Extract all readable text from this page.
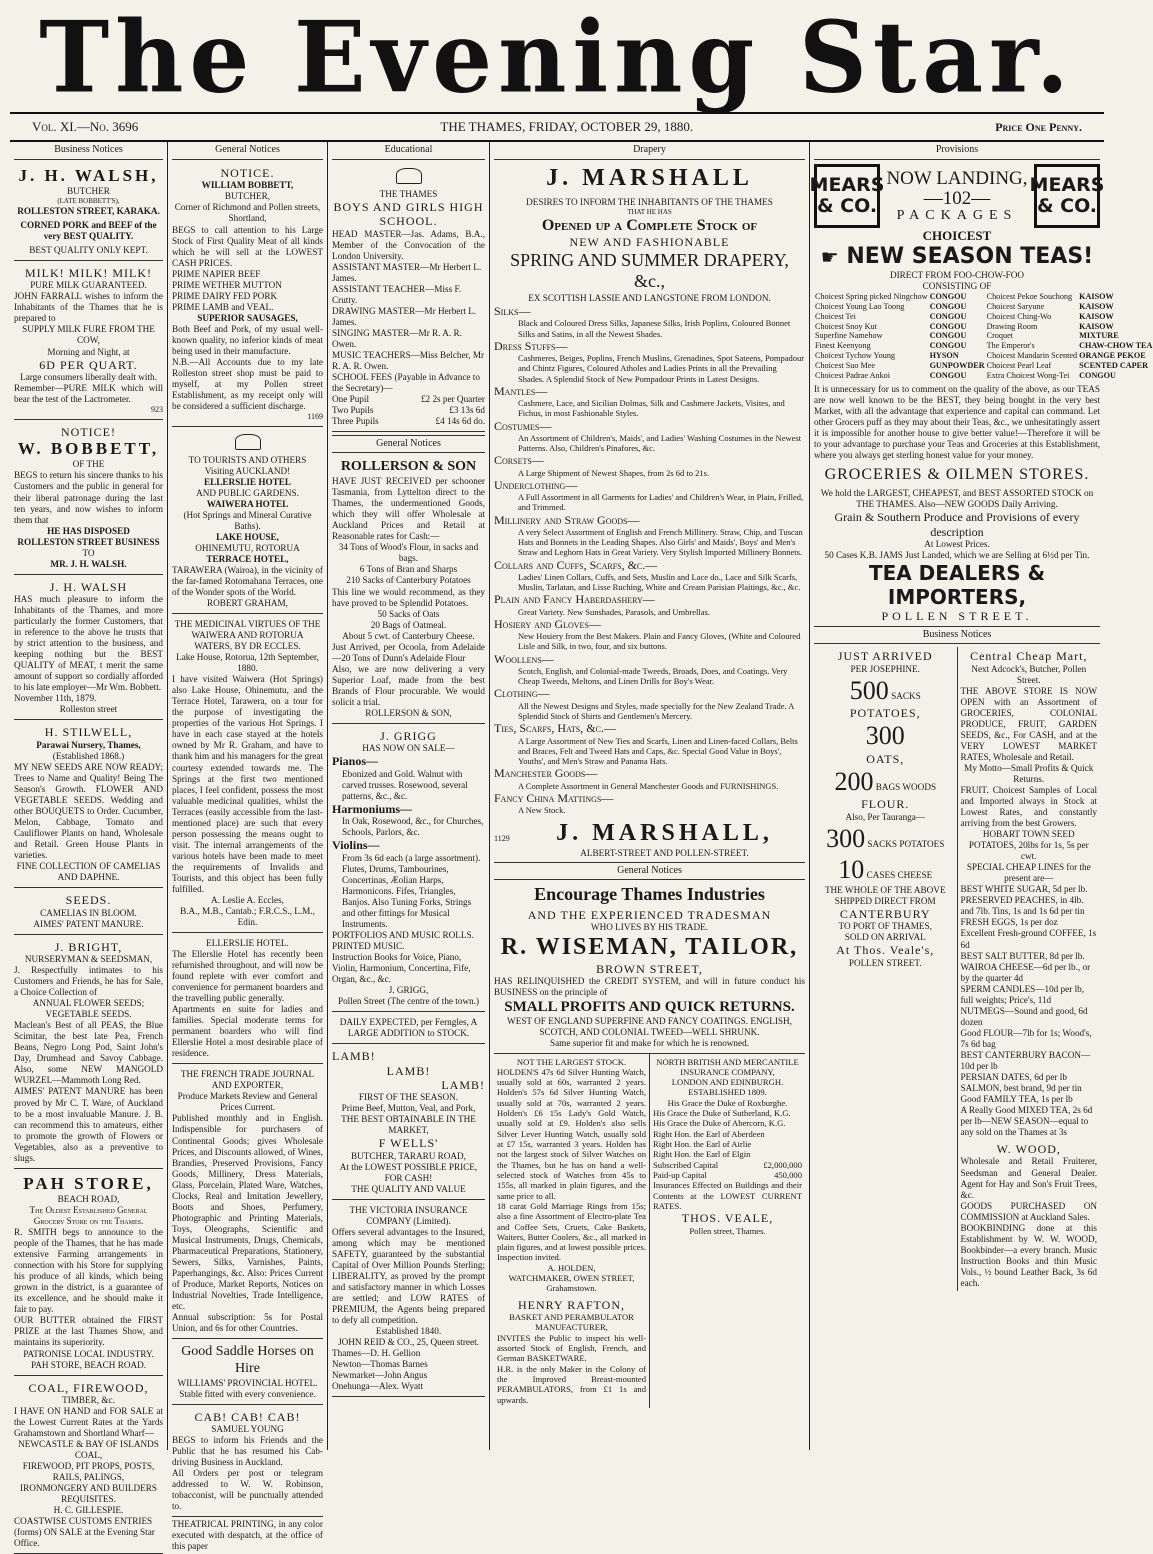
The Evening Star.
Vol. XI.—No. 3696	THE THAMES, FRIDAY, OCTOBER 29, 1880.	Price One Penny.
Business Notices
J. H. WALSH,
BUTCHER
(LATE BOBBETT'S),
ROLLESTON STREET, KARAKA.
CORNED PORK and BEEF of the very BEST QUALITY.
BEST QUALITY ONLY KEPT.
MILK! MILK! MILK!
PURE MILK GUARANTEED.
JOHN FARRALL wishes to inform the Inhabitants of the Thames that he is prepared to
SUPPLY MILK FURE FROM THE COW,
Morning and Night, at
6D PER QUART.
Large consumers liberally dealt with.
Remember—PURE MILK which will bear the test of the Lactrometer.
923
NOTICE!
W. BOBBETT,
OF THE
BEGS to return his sincere thanks to his Customers and the public in general for their liberal patronage during the last ten years, and now wishes to inform them that
HE HAS DISPOSED
ROLLESTON STREET BUSINESS
TO
MR. J. H. WALSH.
J. H. WALSH
HAS much pleasure to inform the Inhabitants of the Thames, and more particularly the former Customers, that in reference to the above he trusts that by strict attention to the business, and keeping nothing but the BEST QUALITY of MEAT, t merit the same amount of support so cordially afforded to his late employer—Mr Wm. Bobbett.
November 11th, 1879.
Rolleston street
H. STILWELL,
Parawai Nursery, Thames,
(Established 1868.)
MY NEW SEEDS ARE NOW READY; Trees to Name and Quality! Being The Season's Growth. FLOWER AND VEGETABLE SEEDS. Wedding and other BOUQUETS to Order. Cucumber, Melon, Cabbage, Tomato and Cauliflower Plants on hand, Wholesale and Retail. Green House Plants in varieties.
FINE COLLECTION OF CAMELIAS AND DAPHNE.
SEEDS.
CAMELIAS IN BLOOM.
AIMES' PATENT MANURE.
J. BRIGHT,
NURSERYMAN & SEEDSMAN,
J. Respectfully intimates to his Customers and Friends, he has for Sale, a Choice Collection of
ANNUAL FLOWER SEEDS;
VEGETABLE SEEDS.
Maclean's Best of all PEAS, the Blue Scimitar, the best late Pea, French Beans, Negro Long Pod, Saint John's Day, Drumhead and Savoy Cabbage. Also, some NEW MANGOLD WURZEL—Mammoth Long Red.
AIMES' PATENT MANURE has been proved by Mr C. T. Ware, of Auckland to be a most invaluable Manure. J. B. can recommend this to amateurs, either to promote the growth of Flowers or Vegetables, also as a preventive to slugs.
PAH STORE,
BEACH ROAD,
The Oldest Established General Grocery Store on the Thames.
R. SMITH begs to announce to the people of the Thames, that he has made extensive Farming arrangements in connection with his Store for supplying his produce of all kinds, which being grown in the district, is a guarantee of its excellence, and he should make it fair to pay.
OUR BUTTER obtained the FIRST PRIZE at the last Thames Show, and maintains its superiority.
PATRONISE LOCAL INDUSTRY.
PAH STORE, BEACH ROAD.
COAL, FIREWOOD,
TIMBER, &c.
I HAVE ON HAND and FOR SALE at the Lowest Current Rates at the Yards Grahamstown and Shortland Wharf—
NEWCASTLE & BAY OF ISLANDS COAL,
FIREWOOD, PIT PROPS, POSTS, RAILS, PALINGS,
IRONMONGERY AND BUILDERS REQUISITES.
H. C. GILLESPIE.
COASTWISE CUSTOMS ENTRIES (forms) ON SALE at the Evening Star Office.
General Notices
NOTICE.
WILLIAM BOBBETT,
BUTCHER,
Corner of Richmond and Pollen streets, Shortland,
BEGS to call attention to his Large Stock of First Quality Meat of all kinds which he will sell at the LOWEST CASH PRICES.
PRIME NAPIER BEEF
PRIME WETHER MUTTON
PRIME DAIRY FED PORK
PRIME LAMB and VEAL.
SUPERIOR SAUSAGES,
Both Beef and Pork, of my usual well-known quality, no inferior kinds of meat being used in their manufacture.
N.B.—All Accounts due to my late Rolleston street shop must be paid to myself, at my Pollen street Establishment, as my receipt only will be considered a sufficient discharge.
1169
TO TOURISTS AND OTHERS
Visiting AUCKLAND!
ELLERSLIE HOTEL
AND PUBLIC GARDENS.
WAIWERA HOTEL
(Hot Springs and Mineral Curative Baths).
LAKE HOUSE,
OHINEMUTU, ROTORUA
TERRACE HOTEL,
TARAWERA (Wairoa), in the vicinity of the far-famed Rotomahana Terraces, one of the Wonder spots of the World.
ROBERT GRAHAM,
THE MEDICINAL VIRTUES OF THE WAIWERA AND ROTORUA WATERS, BY DR ECCLES.
Lake House, Rotorua, 12th September, 1880.
I have visited Waiwera (Hot Springs) also Lake House, Ohinemutu, and the Terrace Hotel, Tarawera, on a tour for the purpose of investigating the properties of the various Hot Springs. I have in each case stayed at the hotels owned by Mr R. Graham, and have to thank him and his managers for the great courtesy extended towards me. The Springs at the first two mentioned places, I feel confident, possess the most valuable medicinal qualities, whilst the Terraces (easily accessible from the last-mentioned place) are such that every person possessing the means ought to visit. The internal arrangements of the various hotels have been made to meet the requirements of Invalids and Tourists, and this object has been fully fulfilled.
A. Leslie A. Eccles,
B.A., M.B., Cantab.; F.R.C.S., L.M., Edin.
ELLERSLIE HOTEL.
The Ellerslie Hotel has recently been refurnished throughout, and will now be found replete with ever comfort and convenience for permanent boarders and the travelling public generally.
Apartments en suite for ladies and families. Special moderate terms for permanent boarders who will find Ellerslie Hotel a most desirable place of residence.
THE FRENCH TRADE JOURNAL AND EXPORTER,
Produce Markets Review and General Prices Current.
Published monthly and in English. Indispensible for purchasers of Continental Goods; gives Wholesale Prices, and Discounts allowed, of Wines, Brandies, Preserved Provisions, Fancy Goods, Millinery, Dress Materials, Glass, Porcelain, Plated Ware, Watches, Clocks, Real and Imitation Jewellery, Boots and Shoes, Perfumery, Photographic and Printing Materials, Toys, Oleographs, Scientific and Musical Instruments, Drugs, Chemicals, Pharmaceutical Preparations, Stationery, Sewers, Silks, Varnishes, Paints, Paperhangings, &c. Also: Prices Current of Produce, Market Reports, Notices on Industrial Novelties, Trade Intelligence, etc.
Annual subscription: 5s for Postal Union, and 6s for other Countries.
Good Saddle Horses on Hire
WILLIAMS' PROVINCIAL HOTEL.
Stable fitted with every convenience.
CAB! CAB! CAB!
SAMUEL YOUNG
BEGS to inform his Friends and the Public that he has resumed his Cab-driving Business in Auckland.
All Orders per post or telegram addressed to W. W. Robinson, tobacconist, will be punctually attended to.
THEATRICAL PRINTING, in any color executed with despatch, at the office of this paper
Educational
THE THAMES
BOYS AND GIRLS HIGH SCHOOL.
HEAD MASTER—Jas. Adams, B.A., Member of the Convocation of the London University.
ASSISTANT MASTER—Mr Herbert L. James.
ASSISTANT TEACHER—Miss F. Crutty.
DRAWING MASTER—Mr Herbert L. James.
SINGING MASTER—Mr R. A. R. Owen.
MUSIC TEACHERS—Miss Belcher, Mr R. A. R. Owen.
SCHOOL FEES (Payable in Advance to the Secretary)—
One Pupil	£2 2s per Quarter
Two Pupils	£3 13s 6d
Three Pupils	£4 14s 6d do.
General Notices
ROLLERSON & SON
HAVE JUST RECEIVED per schooner Tasmania, from Lyttelton direct to the Thames, the undermentioned Goods, which they will offer Wholesale at Auckland Prices and Retail at Reasonable rates for Cash:—
34 Tons of Wood's Flour, in sacks and bags.
6 Tons of Bran and Sharps
210 Sacks of Canterbury Potatoes
This line we would recommend, as they have proved to be Splendid Potatoes.
50 Sacks of Oats
20 Bags of Oatmeal.
About 5 cwt. of Canterbury Cheese.
Just Arrived, per Ocoola, from Adelaide—20 Tons of Dunn's Adelaide Flour
Also, we are now delivering a very Superior Loaf, made from the best Brands of Flour procurable. We would solicit a trial.
ROLLERSON & SON,
J. GRIGG
HAS NOW ON SALE—
Pianos—
Ebonized and Gold. Walnut with carved trusses. Rosewood, several patterns, &c., &c.
Harmoniums—
In Oak, Rosewood, &c., for Churches, Schools, Parlors, &c.
Violins—
From 3s 6d each (a large assortment). Flutes, Drums, Tambourines, Concertinas, Æolian Harps, Harmonicons. Fifes, Triangles, Banjos. Also Tuning Forks, Strings and other fittings for Musical Instruments.
PORTFOLIOS AND MUSIC ROLLS. PRINTED MUSIC.
Instruction Books for Voice, Piano, Violin, Harmonium, Concertina, Fife, Organ, &c., &c.
J. GRIGG,
Pollen Street (The centre of the town.)
DAILY EXPECTED, per Ferngles, A LARGE ADDITION to STOCK.
LAMB!
LAMB!
LAMB!
FIRST OF THE SEASON.
Prime Beef, Mutton, Veal, and Pork,
THE BEST OBTAINABLE IN THE MARKET,
F WELLS'
BUTCHER, TARARU ROAD,
At the LOWEST POSSIBLE PRICE, FOR CASH!
THE QUALITY AND VALUE
THE VICTORIA INSURANCE COMPANY (Limited).
Offers several advantages to the Insured, among which may be mentioned SAFETY, guaranteed by the substantial Capital of Over Million Pounds Sterling; LIBERALITY, as proved by the prompt and satisfactory manner in which Losses are settled; and LOW RATES of PREMIUM, the Agents being prepared to defy all competition.
Established 1840.
JOHN REID & CO., 25, Queen street.
Thames—D. H. Gellion
Newton—Thomas Barnes
Newmarket—John Angus
Onehunga—Alex. Wyatt
Drapery
J. MARSHALL
DESIRES TO INFORM THE INHABITANTS OF THE THAMES
THAT HE HAS
Opened up a Complete Stock of
NEW AND FASHIONABLE
SPRING AND SUMMER DRAPERY, &c.,
EX SCOTTISH LASSIE AND LANGSTONE FROM LONDON.
Silks—
Black and Coloured Dress Silks, Japanese Silks, Irish Poplins, Coloured Bonnet Silks and Satins, in all the Newest Shades.
Dress Stuffs—
Cashmeres, Beiges, Poplins, French Muslins, Grenadines, Spot Sateens, Pompadour and Chintz Figures, Coloured Atholes and Ladies Prints in all the Prevailing Shades. A Splendid Stock of New Pompadour Prints in Latest Designs.
Mantles—
Cashmere, Lace, and Sicilian Dolmas, Silk and Cashmere Jackets, Visites, and Fichus, in most Fashionable Styles.
Costumes—
An Assortment of Children's, Maids', and Ladies' Washing Costumes in the Newest Patterns. Also, Children's Pinafores, &c.
Corsets—
A Large Shipment of Newest Shapes, from 2s 6d to 21s.
Underclothing—
A Full Assortment in all Garments for Ladies' and Children's Wear, in Plain, Frilled, and Trimmed.
Millinery and Straw Goods—
A very Select Assortment of English and French Millinery. Straw, Chip, and Tuscan Hats and Bonnets in the Leading Shapes. Also Girls' and Maids', Boys' and Men's Straw and Leghorn Hats in Great Variety. Very Stylish Imported Millinery Bonnets.
Collars and Cuffs, Scarfs, &c.—
Ladies' Linen Collars, Cuffs, and Sets, Muslin and Lace do., Lace and Silk Scarfs, Muslin, Tarlatan, and Lisse Ruching, White and Cream Parisian Plaitings, &c., &c.
Plain and Fancy Haberdashery—
Great Variety. New Sunshades, Parasols, and Umbrellas.
Hosiery and Gloves—
New Hosiery from the Best Makers. Plain and Fancy Gloves, (White and Coloured Lisle and Silk, in two, four, and six buttons.
Woollens—
Scotch, English, and Colonial-made Tweeds, Broads, Does, and Coatings. Very Cheap Tweeds, Meltons, and Linen Drills for Boy's Wear.
Clothing—
All the Newest Designs and Styles, made specially for the New Zealand Trade. A Splendid Stock of Shirts and Gentlemen's Mercery.
Ties, Scarfs, Hats, &c.—
A Large Assortment of New Ties and Scarfs, Linen and Linen-faced Collars, Belts and Braces, Felt and Tweed Hats and Caps, &c. Special Good Value in Boys', Youths', and Men's Straw and Panama Hats.
Manchester Goods—
A Complete Assortment in General Manchester Goods and FURNISHINGS.
Fancy China Mattings—
A New Stock.
1129	J. MARSHALL,
ALBERT-STREET AND POLLEN-STREET.
General Notices
Encourage Thames Industries
AND THE EXPERIENCED TRADESMAN
WHO LIVES BY HIS TRADE.
R. WISEMAN, TAILOR,
BROWN STREET,
HAS RELINQUISHED the CREDIT SYSTEM, and will in future conduct his BUSINESS on the principle of
SMALL PROFITS AND QUICK RETURNS.
WEST OF ENGLAND SUPERFINE AND FANCY COATINGS. ENGLISH, SCOTCH, AND COLONIAL TWEED—WELL SHRUNK.
Same superior fit and make for which he is renowned.
NOT THE LARGEST STOCK.
HOLDEN'S 47s 6d Silver Hunting Watch, usually sold at 60s, warranted 2 years. Holden's 57s 6d Silver Hunting Watch, usually sold at 70s, warranted 2 years. Holden's £6 15s Lady's Gold Watch, usually sold at £9. Holden's also sells Silver Lever Hunting Watch, usually sold at £7 15s, warranted 3 years. Holden has not the largest stock of Silver Watches on the Thames, but he has on hand a well-selected stock of Watches from 45s to 155s, all marked in plain figures, and the same price to all.
18 carat Gold Marriage Rings from 15s; also a fine Assortment of Electro-plate Tea and Coffee Sets, Cruets, Cake Baskets, Waiters, Butter Coolers, &c., all marked in plain figures, and at lowest possible prices. Inspection invited.
A. HOLDEN,
WATCHMAKER, OWEN STREET, Grahamstown.
HENRY RAFTON,
BASKET AND PERAMBULATOR MANUFACTURER,
INVITES the Public to inspect his well-assorted Stock of English, French, and German BASKETWARE.
H.R. is the only Maker in the Colony of the Improved Breast-mounted PERAMBULATORS, from £1 1s and upwards.
NORTH BRITISH AND MERCANTILE INSURANCE COMPANY,
LONDON AND EDINBURGH.
ESTABLISHED 1809.
His Grace the Duke of Roxburghe.
His Grace the Duke of Sutherland, K.G.
His Grace the Duke of Abercorn, K.G.
Right Hon. the Earl of Aberdeen
Right Hon. the Earl of Airlie
Right Hon. the Earl of Elgin
Subscribed Capital	£2,000,000
Paid-up Capital	450,000
Insurances Effected on Buildings and their Contents at the LOWEST CURRENT RATES.
THOS. VEALE,
Pollen street, Thames.
Provisions
MEARS & CO.
NOW LANDING,
—102—
PACKAGES
MEARS & CO.
CHOICEST
☛ NEW SEASON TEAS!
DIRECT FROM FOO-CHOW-FOO
CONSISTING OF
Choicest Spring picked Ningchow	CONGOU	Choicest Pekoe Souchong	KAISOW
Choicest Young Lao Toong	CONGOU	Choicest Saryune	KAISOW
Choicest Tei	CONGOU	Choicest Ching-Wo	KAISOW
Choicest Snoy Kut	CONGOU	Drawing Room	KAISOW
Superfine Namehow	CONGOU	Croquet	MIXTURE
Finest Keenyong	CONGOU	The Emperor's	CHAW-CHOW TEA
Choicest Tychow Young	HYSON	Choicest Mandarin Scented	ORANGE PEKOE
Choicest Suo Mee	GUNPOWDER	Choicest Pearl Leaf	SCENTED CAPER
Choicest Padrae Ankoi	CONGOU	Extra Choicest Wong-Tei	CONGOU
It is unnecessary for us to comment on the quality of the above, as our TEAS are now well known to be the BEST, they being bought in the very best Market, with all the advantage that experience and capital can command. Let other Grocers puff as they may about their Teas, &c., we unhesitatingly assert it is impossible for another house to give better value!—Therefore it will be to your advantage to purchase your Teas and Groceries at this Establishment, where you always get sterling honest value for your money.
GROCERIES & OILMEN STORES.
We hold the LARGEST, CHEAPEST, and BEST ASSORTED STOCK on THE THAMES. Also—NEW GOODS Daily Arriving.
Grain & Southern Produce and Provisions of every description
At Lowest Prices.
50 Cases K.B. JAMS Just Landed, which we are Selling at 6½d per Tin.
TEA DEALERS & IMPORTERS,
POLLEN STREET.
Business Notices
JUST ARRIVED
PER JOSEPHINE.
500 SACKS
POTATOES,
300
OATS,
200 BAGS WOODS
FLOUR.
Also, Per Tauranga—
300 SACKS POTATOES
10 CASES CHEESE
THE WHOLE OF THE ABOVE
SHIPPED DIRECT FROM
CANTERBURY
TO PORT OF THAMES,
SOLD ON ARRIVAL
At Thos. Veale's,
POLLEN STREET.
Central Cheap Mart,
Next Adcock's, Butcher, Pollen Street.
THE ABOVE STORE IS NOW OPEN with an Assortment of GROCERIES, COLONIAL PRODUCE, FRUIT, GARDEN SEEDS, &c., For CASH, and at the VERY LOWEST MARKET RATES, Wholesale and Retail.
My Motto—Small Profits & Quick Returns.
FRUIT. Choicest Samples of Local and Imported always in Stock at Lowest Rates, and constantly arriving from the best Growers.
HOBART TOWN SEED POTATOES, 20lbs for 1s, 5s per cwt.
SPECIAL CHEAP LINES for the present are—
BEST WHITE SUGAR, 5d per lb.
PRESERVED PEACHES, in 4lb. and 7lb. Tins, 1s and 1s 6d per tin
FRESH EGGS, 1s per doz
Excellent Fresh-ground COFFEE, 1s 6d
BEST SALT BUTTER, 8d per lb.
WAIROA CHEESE—6d per lb., or by the quarter 4d
SPERM CANDLES—10d per lb, full weights; Price's, 11d
NUTMEGS—Sound and good, 6d dozen
Good FLOUR—7lb for 1s; Wood's, 7s 6d bag
BEST CANTERBURY BACON—10d per lb
PERSIAN DATES, 6d per lb
SALMON, best brand, 9d per tin
Good FAMILY TEA, 1s per lb
A Really Good MIXED TEA, 2s 6d per lb—NEW SEASON—equal to any sold on the Thames at 3s
W. WOOD,
Wholesale and Retail Fruiterer, Seedsman and General Dealer. Agent for Hay and Son's Fruit Trees, &c.
GOODS PURCHASED ON COMMISSION at Auckland Sales.
BOOKBINDING done at this Establishment by W. W. WOOD, Bookbinder—a every branch. Music Instruction Books and thin Music Vols., ½ bound Leather Back, 3s 6d each.
